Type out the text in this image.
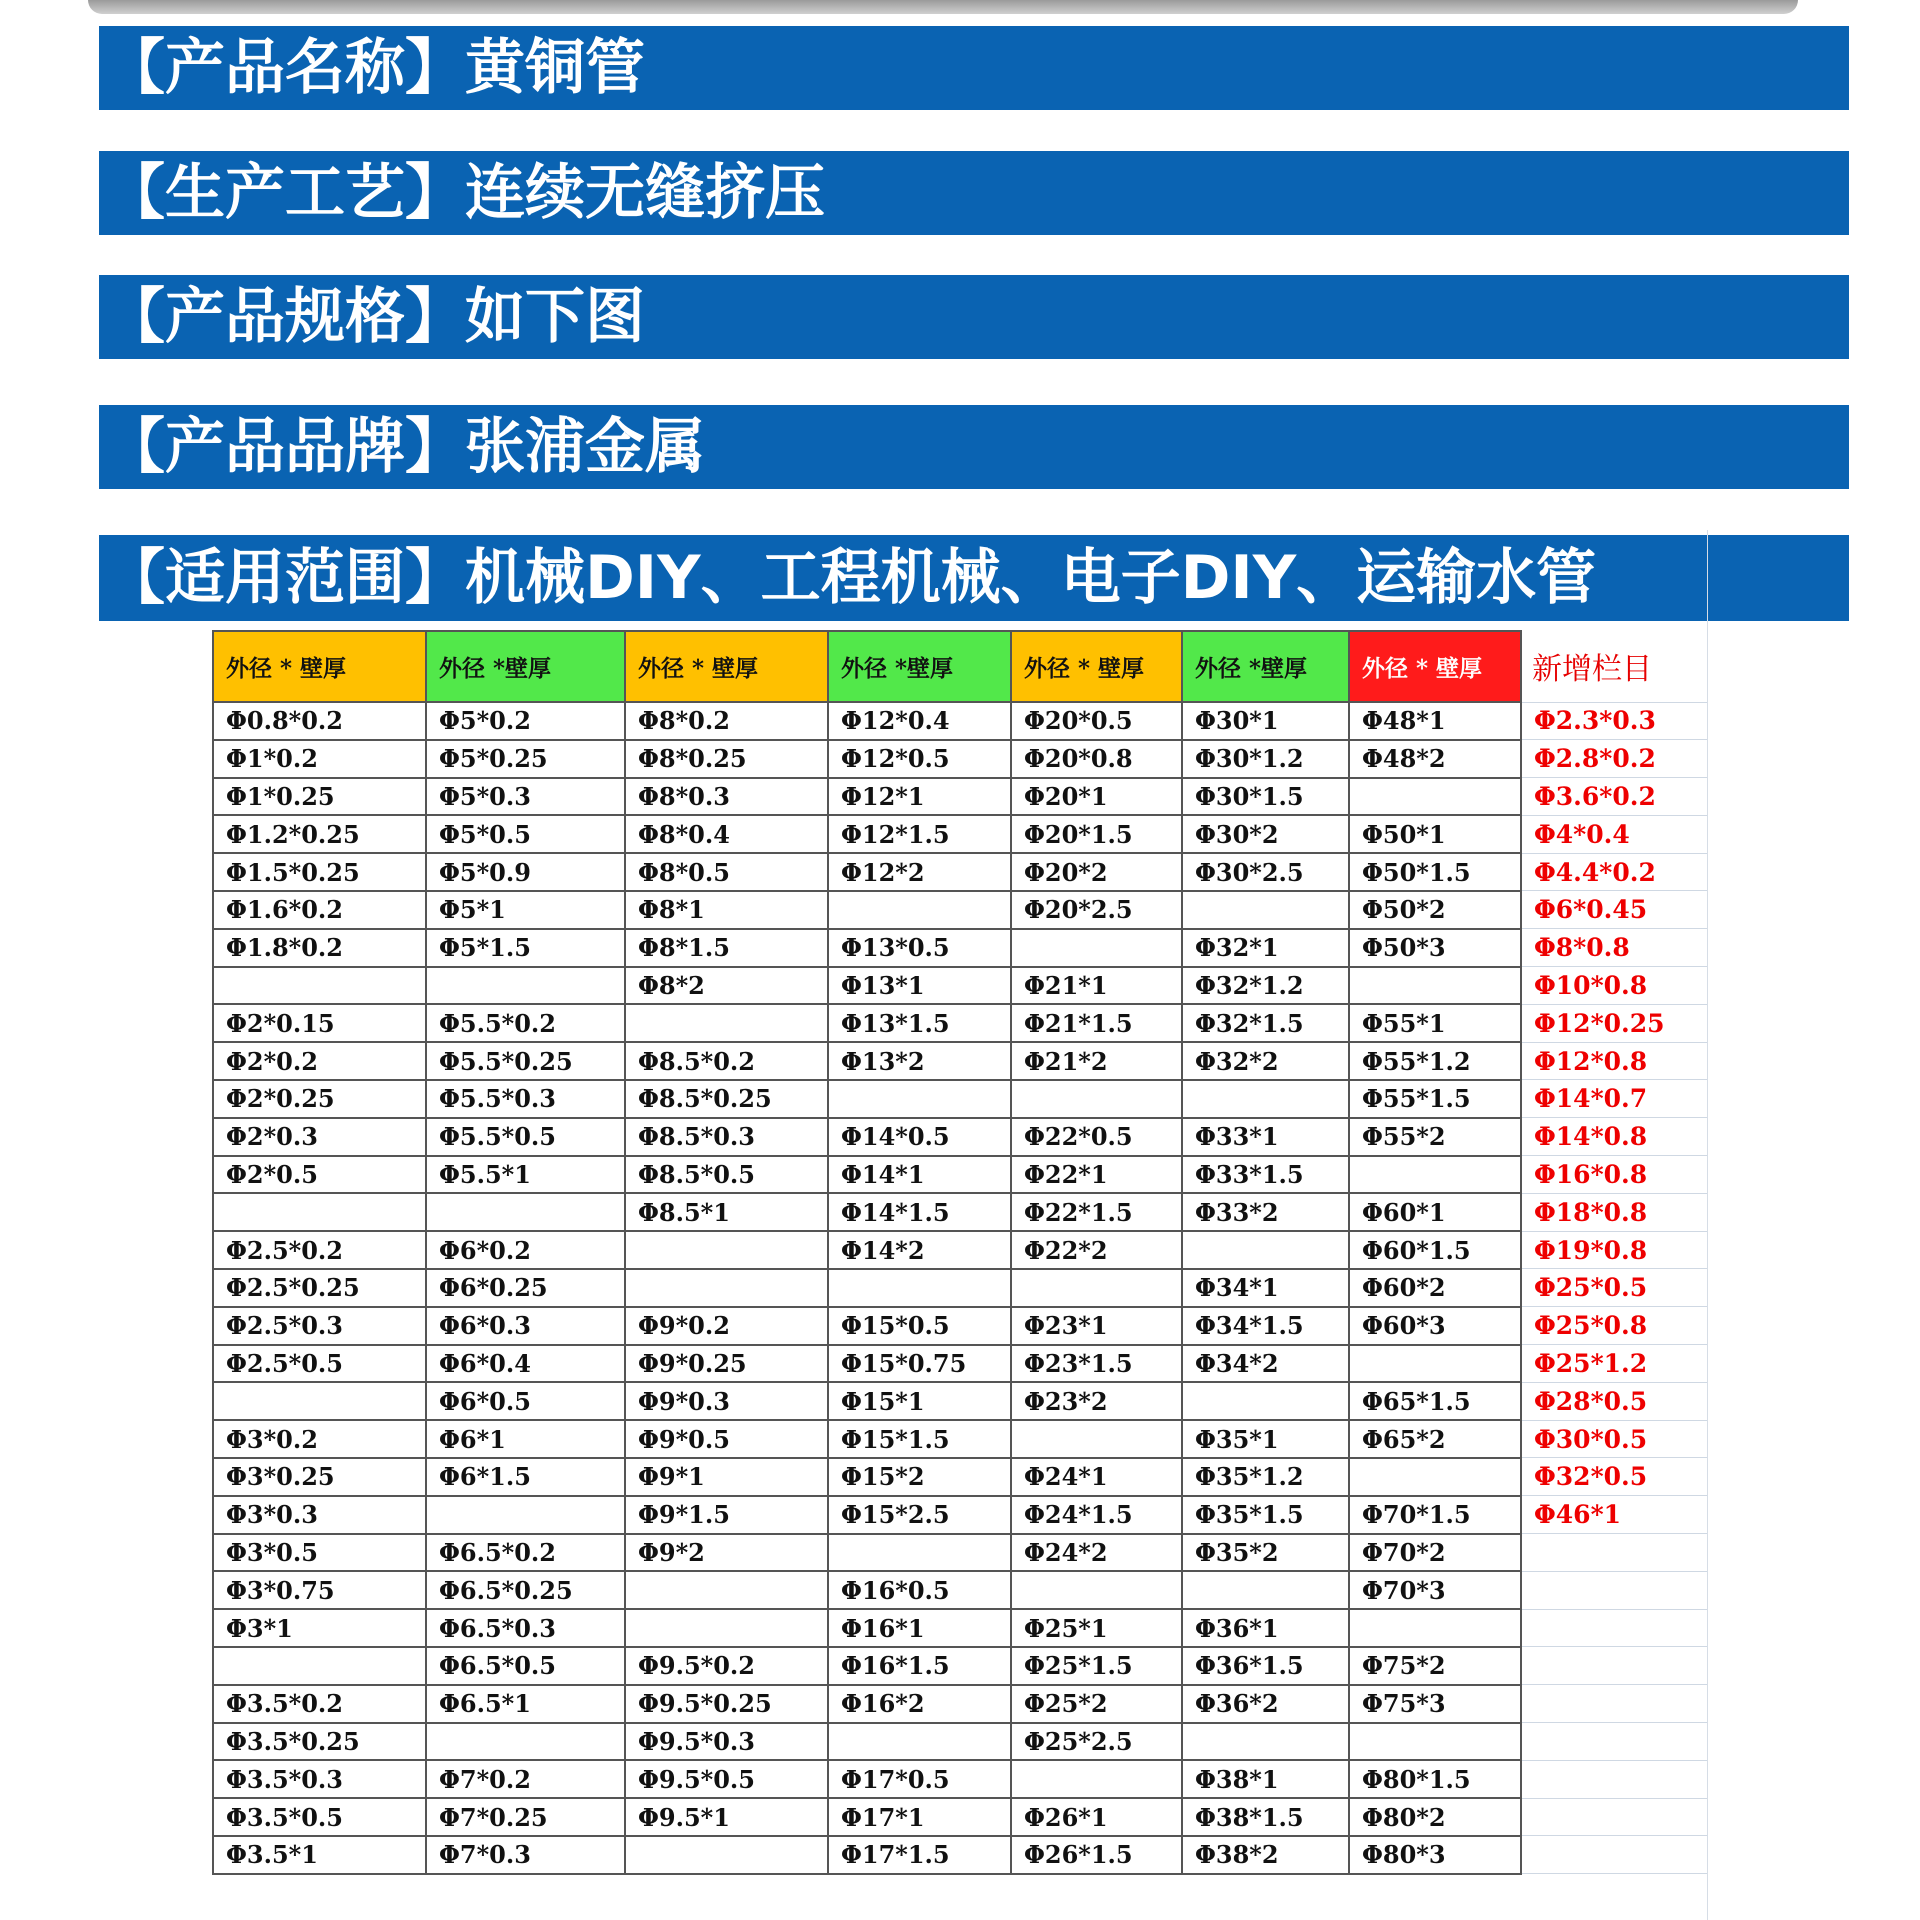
【产品名称】黄铜管
【生产工艺】连续无缝挤压
【产品规格】如下图
【产品品牌】张浦金属
【适用范围】机械DIY、工程机械、电子DIY、运输水管
外径 * 壁厚	外径 *壁厚	外径 * 壁厚	外径 *壁厚	外径 * 壁厚	外径 *壁厚	外径 * 壁厚	新增栏目
Φ0.8*0.2	Φ5*0.2	Φ8*0.2	Φ12*0.4	Φ20*0.5	Φ30*1	Φ48*1	Φ2.3*0.3
Φ1*0.2	Φ5*0.25	Φ8*0.25	Φ12*0.5	Φ20*0.8	Φ30*1.2	Φ48*2	Φ2.8*0.2
Φ1*0.25	Φ5*0.3	Φ8*0.3	Φ12*1	Φ20*1	Φ30*1.5		Φ3.6*0.2
Φ1.2*0.25	Φ5*0.5	Φ8*0.4	Φ12*1.5	Φ20*1.5	Φ30*2	Φ50*1	Φ4*0.4
Φ1.5*0.25	Φ5*0.9	Φ8*0.5	Φ12*2	Φ20*2	Φ30*2.5	Φ50*1.5	Φ4.4*0.2
Φ1.6*0.2	Φ5*1	Φ8*1		Φ20*2.5		Φ50*2	Φ6*0.45
Φ1.8*0.2	Φ5*1.5	Φ8*1.5	Φ13*0.5		Φ32*1	Φ50*3	Φ8*0.8
		Φ8*2	Φ13*1	Φ21*1	Φ32*1.2		Φ10*0.8
Φ2*0.15	Φ5.5*0.2		Φ13*1.5	Φ21*1.5	Φ32*1.5	Φ55*1	Φ12*0.25
Φ2*0.2	Φ5.5*0.25	Φ8.5*0.2	Φ13*2	Φ21*2	Φ32*2	Φ55*1.2	Φ12*0.8
Φ2*0.25	Φ5.5*0.3	Φ8.5*0.25				Φ55*1.5	Φ14*0.7
Φ2*0.3	Φ5.5*0.5	Φ8.5*0.3	Φ14*0.5	Φ22*0.5	Φ33*1	Φ55*2	Φ14*0.8
Φ2*0.5	Φ5.5*1	Φ8.5*0.5	Φ14*1	Φ22*1	Φ33*1.5		Φ16*0.8
		Φ8.5*1	Φ14*1.5	Φ22*1.5	Φ33*2	Φ60*1	Φ18*0.8
Φ2.5*0.2	Φ6*0.2		Φ14*2	Φ22*2		Φ60*1.5	Φ19*0.8
Φ2.5*0.25	Φ6*0.25				Φ34*1	Φ60*2	Φ25*0.5
Φ2.5*0.3	Φ6*0.3	Φ9*0.2	Φ15*0.5	Φ23*1	Φ34*1.5	Φ60*3	Φ25*0.8
Φ2.5*0.5	Φ6*0.4	Φ9*0.25	Φ15*0.75	Φ23*1.5	Φ34*2		Φ25*1.2
	Φ6*0.5	Φ9*0.3	Φ15*1	Φ23*2		Φ65*1.5	Φ28*0.5
Φ3*0.2	Φ6*1	Φ9*0.5	Φ15*1.5		Φ35*1	Φ65*2	Φ30*0.5
Φ3*0.25	Φ6*1.5	Φ9*1	Φ15*2	Φ24*1	Φ35*1.2		Φ32*0.5
Φ3*0.3		Φ9*1.5	Φ15*2.5	Φ24*1.5	Φ35*1.5	Φ70*1.5	Φ46*1
Φ3*0.5	Φ6.5*0.2	Φ9*2		Φ24*2	Φ35*2	Φ70*2	
Φ3*0.75	Φ6.5*0.25		Φ16*0.5			Φ70*3	
Φ3*1	Φ6.5*0.3		Φ16*1	Φ25*1	Φ36*1		
	Φ6.5*0.5	Φ9.5*0.2	Φ16*1.5	Φ25*1.5	Φ36*1.5	Φ75*2	
Φ3.5*0.2	Φ6.5*1	Φ9.5*0.25	Φ16*2	Φ25*2	Φ36*2	Φ75*3	
Φ3.5*0.25		Φ9.5*0.3		Φ25*2.5			
Φ3.5*0.3	Φ7*0.2	Φ9.5*0.5	Φ17*0.5		Φ38*1	Φ80*1.5	
Φ3.5*0.5	Φ7*0.25	Φ9.5*1	Φ17*1	Φ26*1	Φ38*1.5	Φ80*2	
Φ3.5*1	Φ7*0.3		Φ17*1.5	Φ26*1.5	Φ38*2	Φ80*3	
